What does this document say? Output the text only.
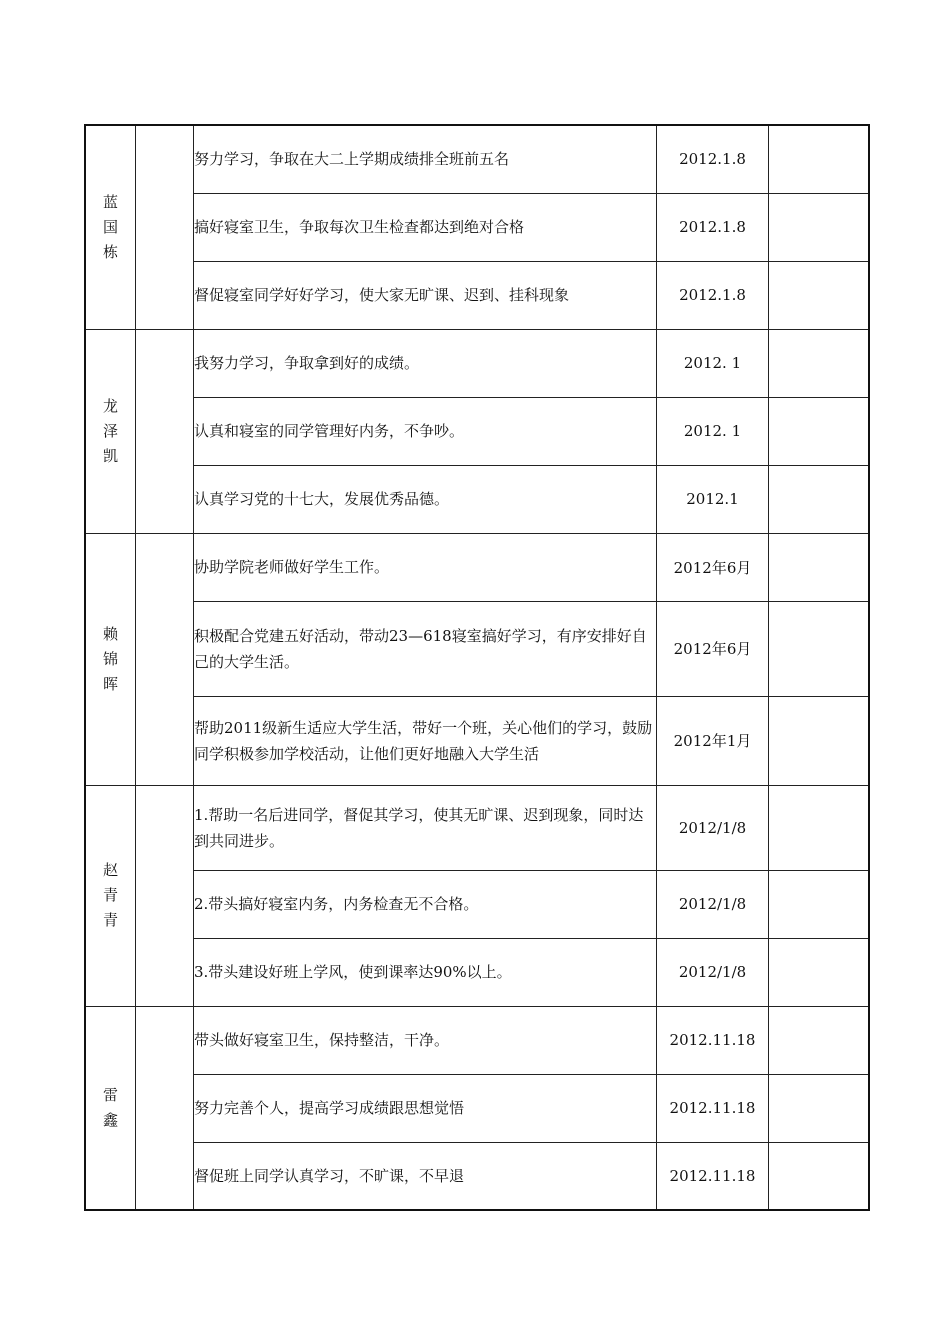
蓝
国
栋		努力学习，争取在大二上学期成绩排全班前五名	2012.1.8	
		搞好寝室卫生，争取每次卫生检查都达到绝对合格	2012.1.8	
		督促寝室同学好好学习，使大家无旷课、迟到、挂科现象	2012.1.8	

龙
泽
凯		我努力学习，争取拿到好的成绩。	2012. 1	
		认真和寝室的同学管理好内务，不争吵。	2012. 1	
		认真学习党的十七大，发展优秀品德。	2012.1	

赖
锦
晖		协助学院老师做好学生工作。	2012年6月	
		积极配合党建五好活动，带动23—618寝室搞好学习，有序安排好自己的大学生活。	2012年6月	
		帮助2011级新生适应大学生活，带好一个班，关心他们的学习，鼓励同学积极参加学校活动，让他们更好地融入大学生活	2012年1月	

赵
青
青		1.帮助一名后进同学，督促其学习，使其无旷课、迟到现象，同时达到共同进步。	2012/1/8	
		2.带头搞好寝室内务，内务检查无不合格。	2012/1/8	
		3.带头建设好班上学风，使到课率达90%以上。	2012/1/8	

雷
鑫		带头做好寝室卫生，保持整洁，干净。	2012.11.18	
		努力完善个人，提高学习成绩跟思想觉悟	2012.11.18	
		督促班上同学认真学习，不旷课，不早退	2012.11.18	
